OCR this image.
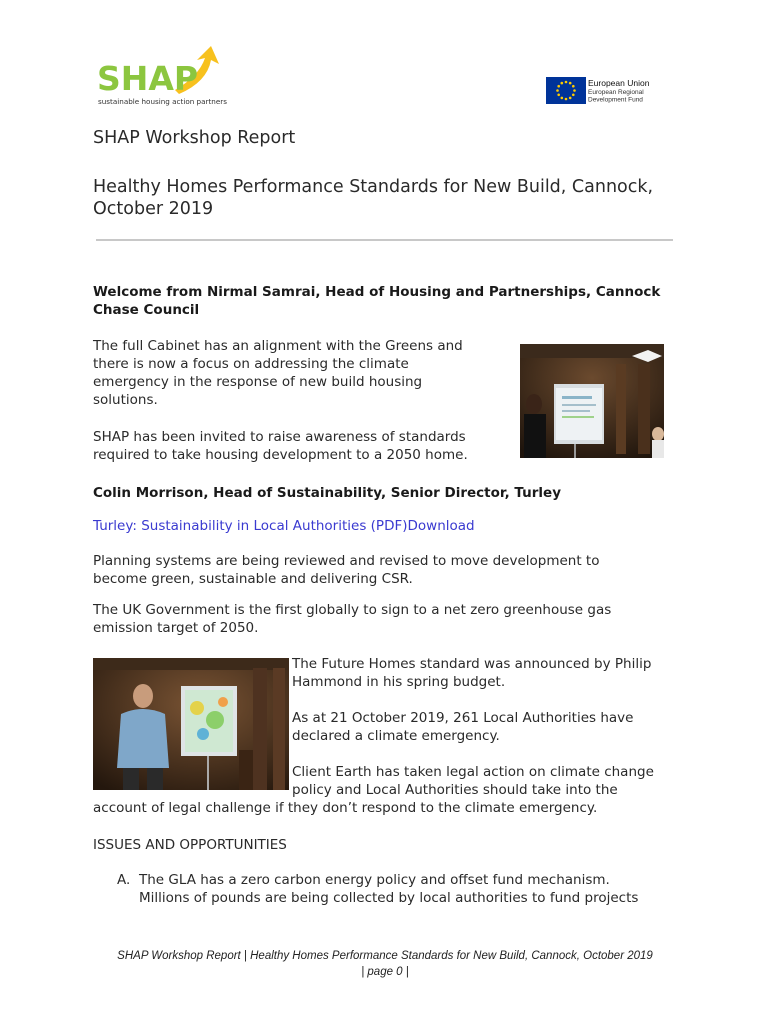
SHAP
sustainable housing action partnership
European Union
European Regional
Development Fund

SHAP Workshop Report

Healthy Homes Performance Standards for New Build, Cannock,

October 2019

Welcome from Nirmal Samrai, Head of Housing and Partnerships, Cannock

Chase Council

The full Cabinet has an alignment with the Greens and

there is now a focus on addressing the climate

emergency in the response of new build housing

solutions.

SHAP has been invited to raise awareness of standards

required to take housing development to a 2050 home.

Colin Morrison, Head of Sustainability, Senior Director, Turley

Turley: Sustainability in Local Authorities (PDF)Download

Planning systems are being reviewed and revised to move development to

become green, sustainable and delivering CSR.

The UK Government is the first globally to sign to a net zero greenhouse gas

emission target of 2050.

The Future Homes standard was announced by Philip

Hammond in his spring budget.

As at 21 October 2019, 261 Local Authorities have

declared a climate emergency.

Client Earth has taken legal action on climate change

policy and Local Authorities should take into the

account of legal challenge if they don’t respond to the climate emergency.

ISSUES AND OPPORTUNITIES

A. The GLA has a zero carbon energy policy and offset fund mechanism.

Millions of pounds are being collected by local authorities to fund projects

SHAP Workshop Report | Healthy Homes Performance Standards for New Build, Cannock, October 2019

| page 0 |
